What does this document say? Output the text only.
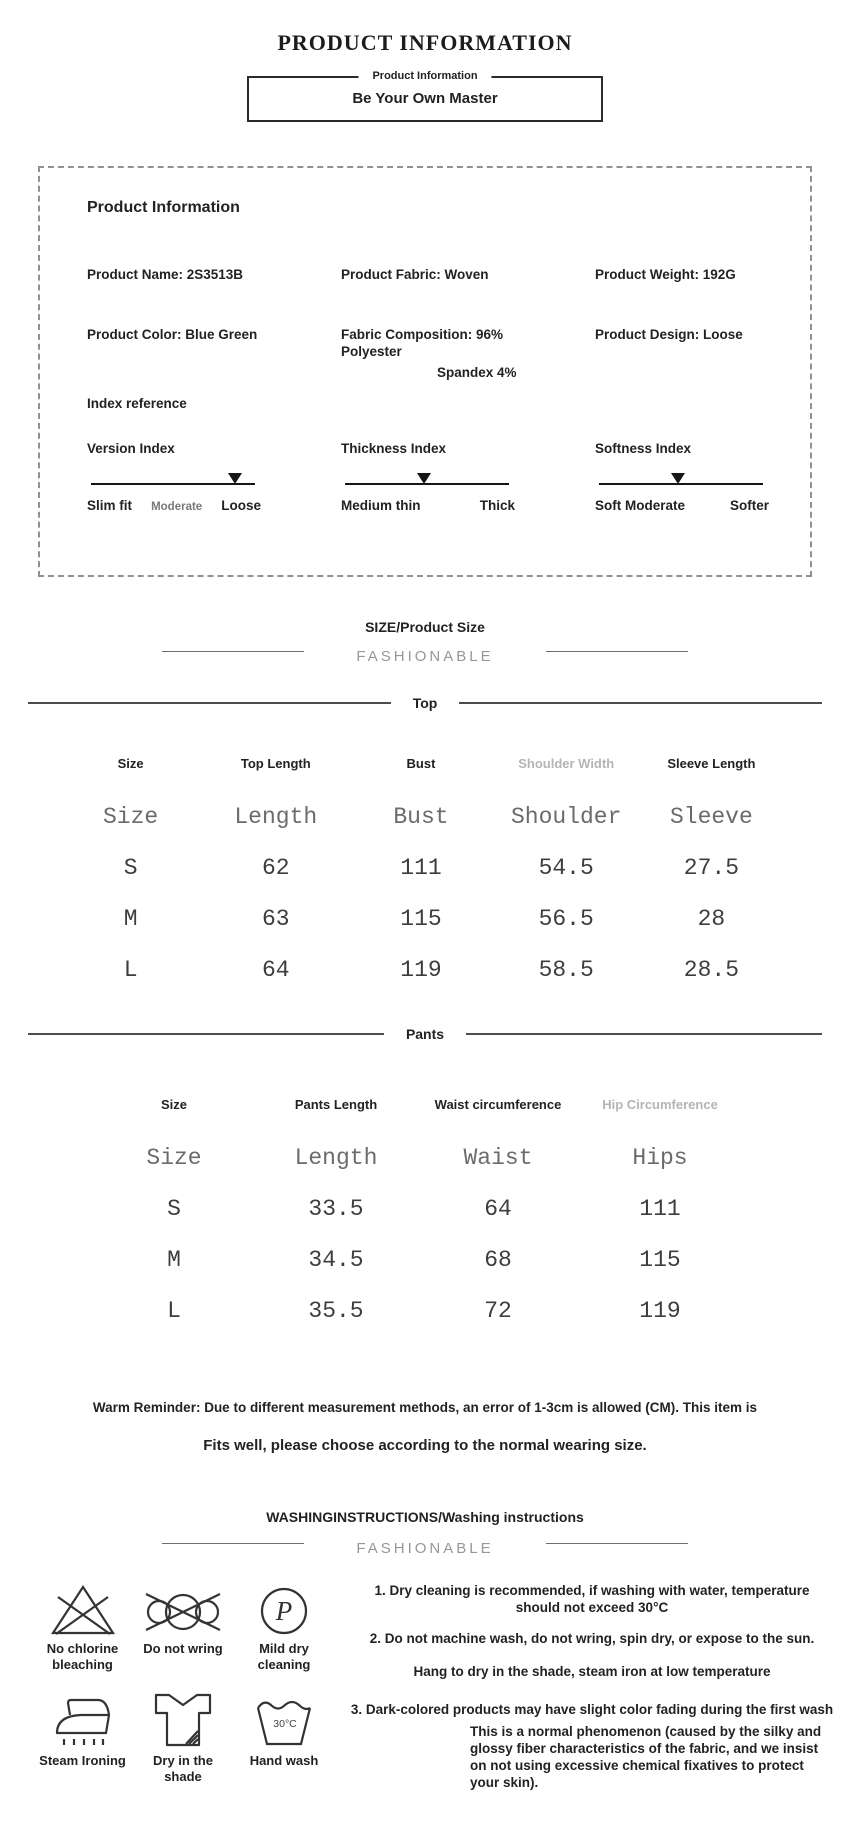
PRODUCT INFORMATION
Product Information
Be Your Own Master
Product Information
Product Name: 2S3513B	Product Fabric: Woven	Product Weight: 192G
Product Color: Blue Green	Fabric Composition: 96% Polyester
Spandex 4%
Product Design: Loose
Index reference
Version Index
Slim fit Moderate Loose
Thickness Index
Medium thin	Thick
Softness Index
Soft Moderate	Softer
SIZE/Product Size
FASHIONABLE
Top
Size	Top Length	Bust	Shoulder Width	Sleeve Length
Size	Length	Bust	Shoulder	Sleeve
S	62	111	54.5	27.5
M	63	115	56.5	28
L	64	119	58.5	28.5
Pants
Size	Pants Length	Waist circumference	Hip Circumference
Size	Length	Waist	Hips
S	33.5	64	111
M	34.5	68	115
L	35.5	72	119
Warm Reminder: Due to different measurement methods, an error of 1-3cm is allowed (CM). This item is
Fits well, please choose according to the normal wearing size.
WASHINGINSTRUCTIONS/Washing instructions
FASHIONABLE
No chlorine bleaching
Do not wring
P
Mild dry cleaning
Steam Ironing	Dry in the shade
30°C
Hand wash
1. Dry cleaning is recommended, if washing with water, temperature should not exceed 30°C
2. Do not machine wash, do not wring, spin dry, or expose to the sun.
Hang to dry in the shade, steam iron at low temperature
3. Dark-colored products may have slight color fading during the first wash
This is a normal phenomenon (caused by the silky and glossy fiber characteristics of the fabric, and we insist on not using excessive chemical fixatives to protect your skin).
